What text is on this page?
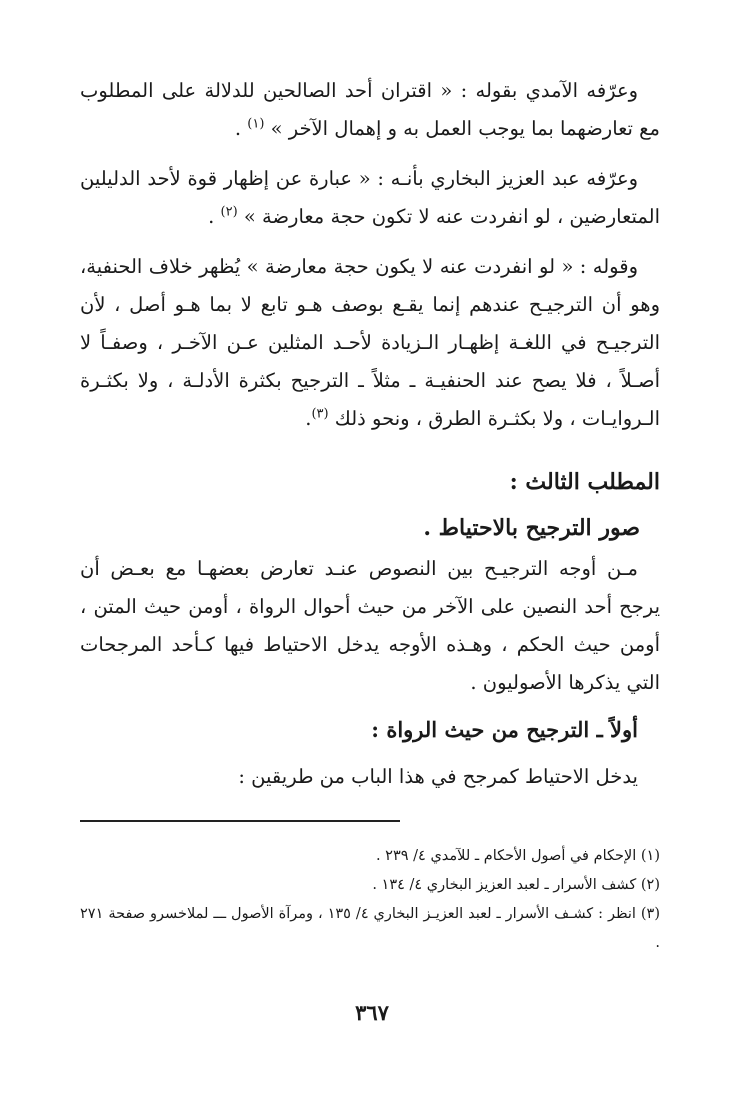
وعرّفه الآمدي بقوله : « اقتران أحد الصالحين للدلالة على المطلوب مع تعارضهما بما يوجب العمل به و إهمال الآخر » $^{(١)}$ .

وعرّفه عبد العزيز البخاري بأنـه : « عبارة عن إظهار قوة لأحد الدليلين المتعارضين ، لو انفردت عنه لا تكون حجة معارضة » $^{(٢)}$ .

وقوله : « لو انفردت عنه لا يكون حجة معارضة » يُظهر خلاف الحنفية، وهو أن الترجيـح عندهم إنما يقـع بوصف هـو تابع لا بما هـو أصل ، لأن الترجيـح في اللغـة إظهـار الـزيادة لأحـد المثلين عـن الآخـر ، وصفـاً لا أصـلاً ، فلا يصح عند الحنفيـة ـ مثلاً ـ الترجيح بكثرة الأدلـة ، ولا بكثـرة الـروايـات ، ولا بكثـرة الطرق ، ونحو ذلك $^{(٣)}$.

المطلب الثالث :

صور الترجيح بالاحتياط .

مـن أوجه الترجيـح بين النصوص عنـد تعارض بعضهـا مع بعـض أن يرجح أحد النصين على الآخر من حيث أحوال الرواة ، أومن حيث المتن ، أومن حيث الحكم ، وهـذه الأوجه يدخل الاحتياط فيها كـأحد المرجحات التي يذكرها الأصوليون .

أولاً ـ الترجيح من حيث الرواة :

يدخل الاحتياط كمرجح في هذا الباب من طريقين :

(١) الإحكام في أصول الأحكام ـ للآمدي ٤/ ٢٣٩ .

(٢) كشف الأسرار ـ لعبد العزيز البخاري ٤/ ١٣٤ .

(٣) انظر : كشـف الأسرار ـ لعبد العزيـز البخاري ٤/ ١٣٥ ، ومرآة الأصول ـــ لملاخسرو صفحة ٢٧١ .

٣٦٧
